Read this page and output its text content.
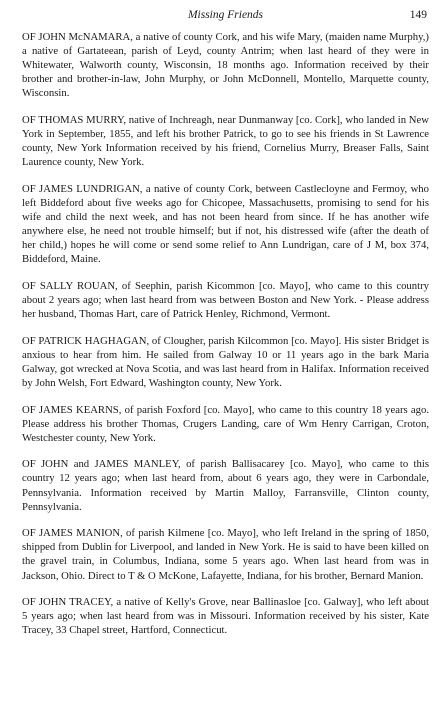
Missing Friends	149

OF JOHN McNAMARA, a native of county Cork, and his wife Mary, (maiden name Murphy,) a native of Gartateean, parish of Leyd, county Antrim; when last heard of they were in Whitewater, Walworth county, Wisconsin, 18 months ago. Information received by their brother and brother-in-law, John Murphy, or John McDonnell, Montello, Marquette county, Wisconsin.

OF THOMAS MURRY, native of Inchreagh, near Dunmanway [co. Cork], who landed in New York in September, 1855, and left his brother Patrick, to go to see his friends in St Lawrence county, New York Information received by his friend, Cornelius Murry, Breaser Falls, Saint Laurence county, New York.

OF JAMES LUNDRIGAN, a native of county Cork, between Castlecloyne and Fermoy, who left Biddeford about five weeks ago for Chicopee, Massachusetts, promising to send for his wife and child the next week, and has not been heard from since. If he has another wife anywhere else, he need not trouble himself; but if not, his distressed wife (after the death of her child,) hopes he will come or send some relief to Ann Lundrigan, care of J M, box 374, Biddeford, Maine.

OF SALLY ROUAN, of Seephin, parish Kicommon [co. Mayo], who came to this country about 2 years ago; when last heard from was between Boston and New York. - Please address her husband, Thomas Hart, care of Patrick Henley, Richmond, Vermont.

OF PATRICK HAGHAGAN, of Clougher, parish Kilcommon [co. Mayo]. His sister Bridget is anxious to hear from him. He sailed from Galway 10 or 11 years ago in the bark Maria Galway, got wrecked at Nova Scotia, and was last heard from in Halifax. Information received by John Welsh, Fort Edward, Washington county, New York.

OF JAMES KEARNS, of parish Foxford [co. Mayo], who came to this country 18 years ago. Please address his brother Thomas, Crugers Landing, care of Wm Henry Carrigan, Croton, Westchester county, New York.

OF JOHN and JAMES MANLEY, of parish Ballisacarey [co. Mayo], who came to this country 12 years ago; when last heard from, about 6 years ago, they were in Carbondale, Pennsylvania. Information received by Martin Malloy, Farransville, Clinton county, Pennsylvania.

OF JAMES MANION, of parish Kilmene [co. Mayo], who left Ireland in the spring of 1850, shipped from Dublin for Liverpool, and landed in New York. He is said to have been killed on the gravel train, in Columbus, Indiana, some 5 years ago. When last heard from was in Jackson, Ohio. Direct to T & O McKone, Lafayette, Indiana, for his brother, Bernard Manion.

OF JOHN TRACEY, a native of Kelly's Grove, near Ballinasloe [co. Galway], who left about 5 years ago; when last heard from was in Missouri. Information received by his sister, Kate Tracey, 33 Chapel street, Hartford, Connecticut.
